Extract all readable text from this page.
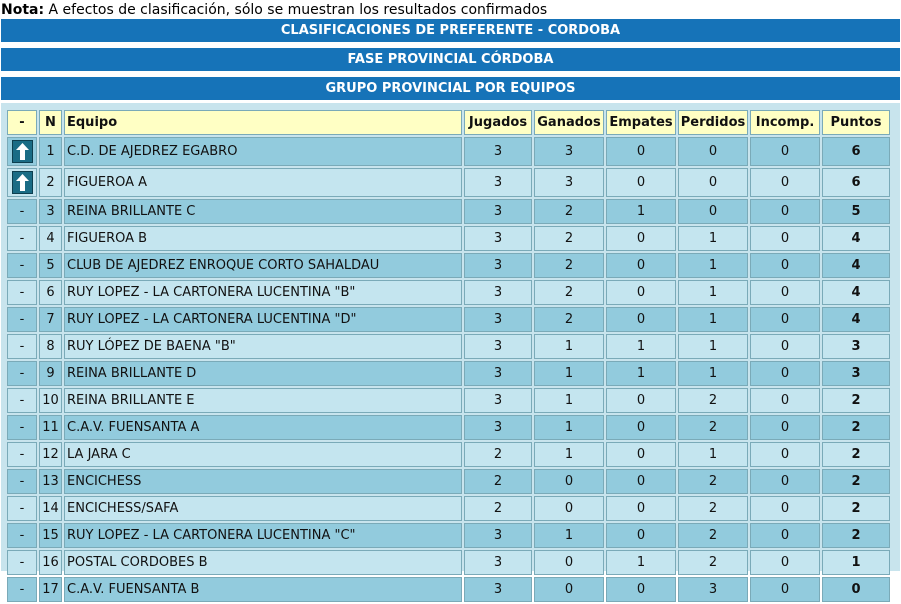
Nota: A efectos de clasificación, sólo se muestran los resultados confirmados
CLASIFICACIONES DE PREFERENTE - CORDOBA
FASE PROVINCIAL CÓRDOBA
GRUPO PROVINCIAL POR EQUIPOS
-	N	Equipo	Jugados	Ganados	Empates	Perdidos	Incomp.	Puntos

	1	C.D. DE AJEDREZ EGABRO	3	3	0	0	0	6

	2	FIGUEROA A	3	3	0	0	0	6
-	3	REINA BRILLANTE C	3	2	1	0	0	5
-	4	FIGUEROA B	3	2	0	1	0	4
-	5	CLUB DE AJEDREZ ENROQUE CORTO SAHALDAU	3	2	0	1	0	4
-	6	RUY LOPEZ - LA CARTONERA LUCENTINA "B"	3	2	0	1	0	4
-	7	RUY LOPEZ - LA CARTONERA LUCENTINA "D"	3	2	0	1	0	4
-	8	RUY LÓPEZ DE BAENA "B"	3	1	1	1	0	3
-	9	REINA BRILLANTE D	3	1	1	1	0	3
-	10	REINA BRILLANTE E	3	1	0	2	0	2
-	11	C.A.V. FUENSANTA A	3	1	0	2	0	2
-	12	LA JARA C	2	1	0	1	0	2
-	13	ENCICHESS	2	0	0	2	0	2
-	14	ENCICHESS/SAFA	2	0	0	2	0	2
-	15	RUY LOPEZ - LA CARTONERA LUCENTINA "C"	3	1	0	2	0	2
-	16	POSTAL CORDOBES B	3	0	1	2	0	1
-	17	C.A.V. FUENSANTA B	3	0	0	3	0	0
